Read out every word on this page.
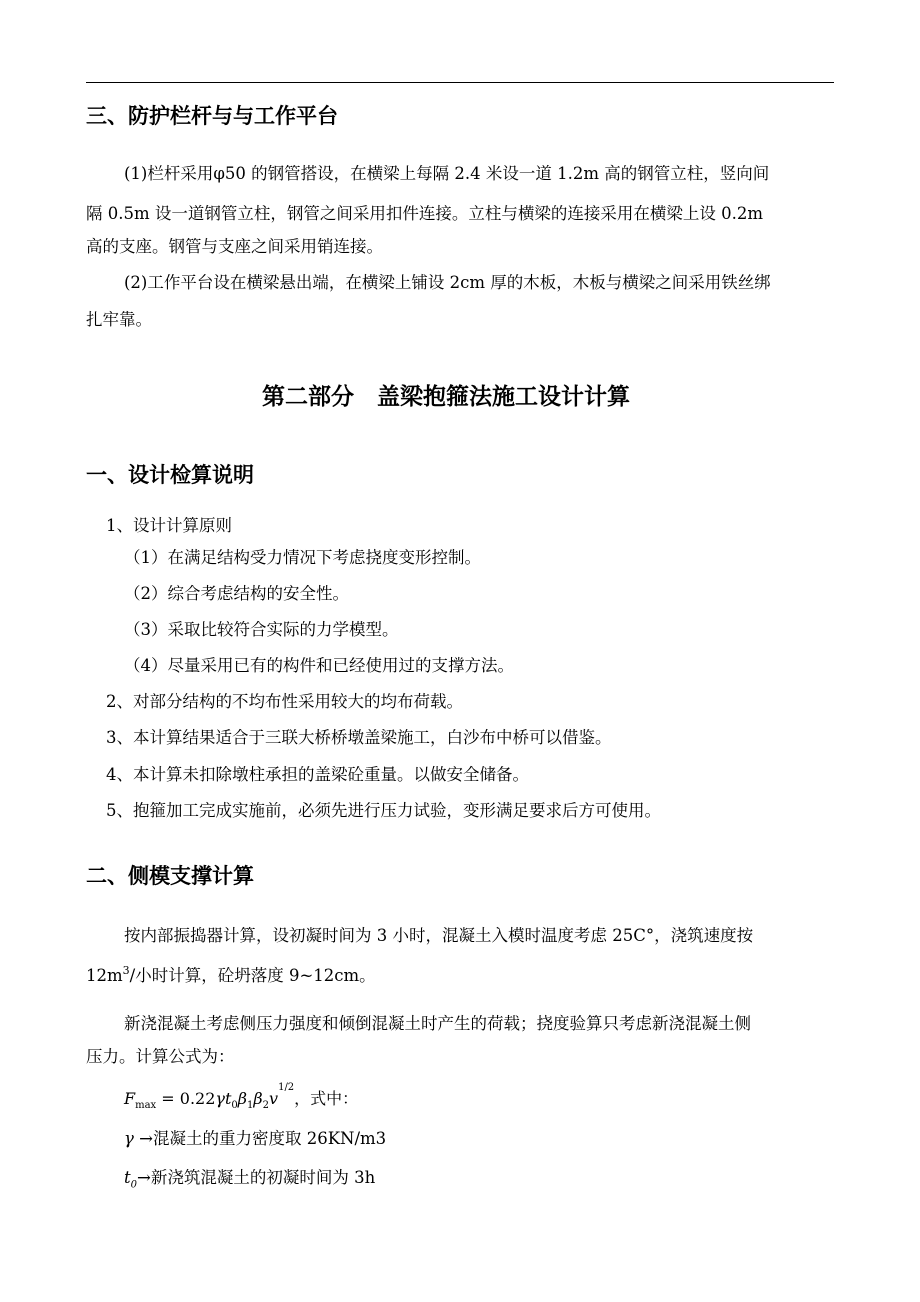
三、防护栏杆与与工作平台
(1)栏杆采用φ50 的钢管搭设，在横梁上每隔 2.4 米设一道 1.2m 高的钢管立柱，竖向间
隔 0.5m 设一道钢管立柱，钢管之间采用扣件连接。立柱与横梁的连接采用在横梁上设 0.2m
高的支座。钢管与支座之间采用销连接。
(2)工作平台设在横梁悬出端，在横梁上铺设 2cm 厚的木板，木板与横梁之间采用铁丝绑
扎牢靠。
第二部分　盖梁抱箍法施工设计计算
一、设计检算说明
1、设计计算原则
（1）在满足结构受力情况下考虑挠度变形控制。
（2）综合考虑结构的安全性。
（3）采取比较符合实际的力学模型。
（4）尽量采用已有的构件和已经使用过的支撑方法。
2、对部分结构的不均布性采用较大的均布荷载。
3、本计算结果适合于三联大桥桥墩盖梁施工，白沙布中桥可以借鉴。
4、本计算未扣除墩柱承担的盖梁砼重量。以做安全储备。
5、抱箍加工完成实施前，必须先进行压力试验，变形满足要求后方可使用。
二、侧模支撑计算
按内部振捣器计算，设初凝时间为 3 小时，混凝土入模时温度考虑 25C°，浇筑速度按
$12m^3/$小时计算，砼坍落度 9~12cm。
新浇混凝土考虑侧压力强度和倾倒混凝土时产生的荷载；挠度验算只考虑新浇混凝土侧
压力。计算公式为：
$F_{max} = 0.22\gamma t_0\beta_1\beta_2v^{1/2}$，式中：
γ →混凝土的重力密度取 26KN/m3
$t_0\to$新浇筑混凝土的初凝时间为 3h
